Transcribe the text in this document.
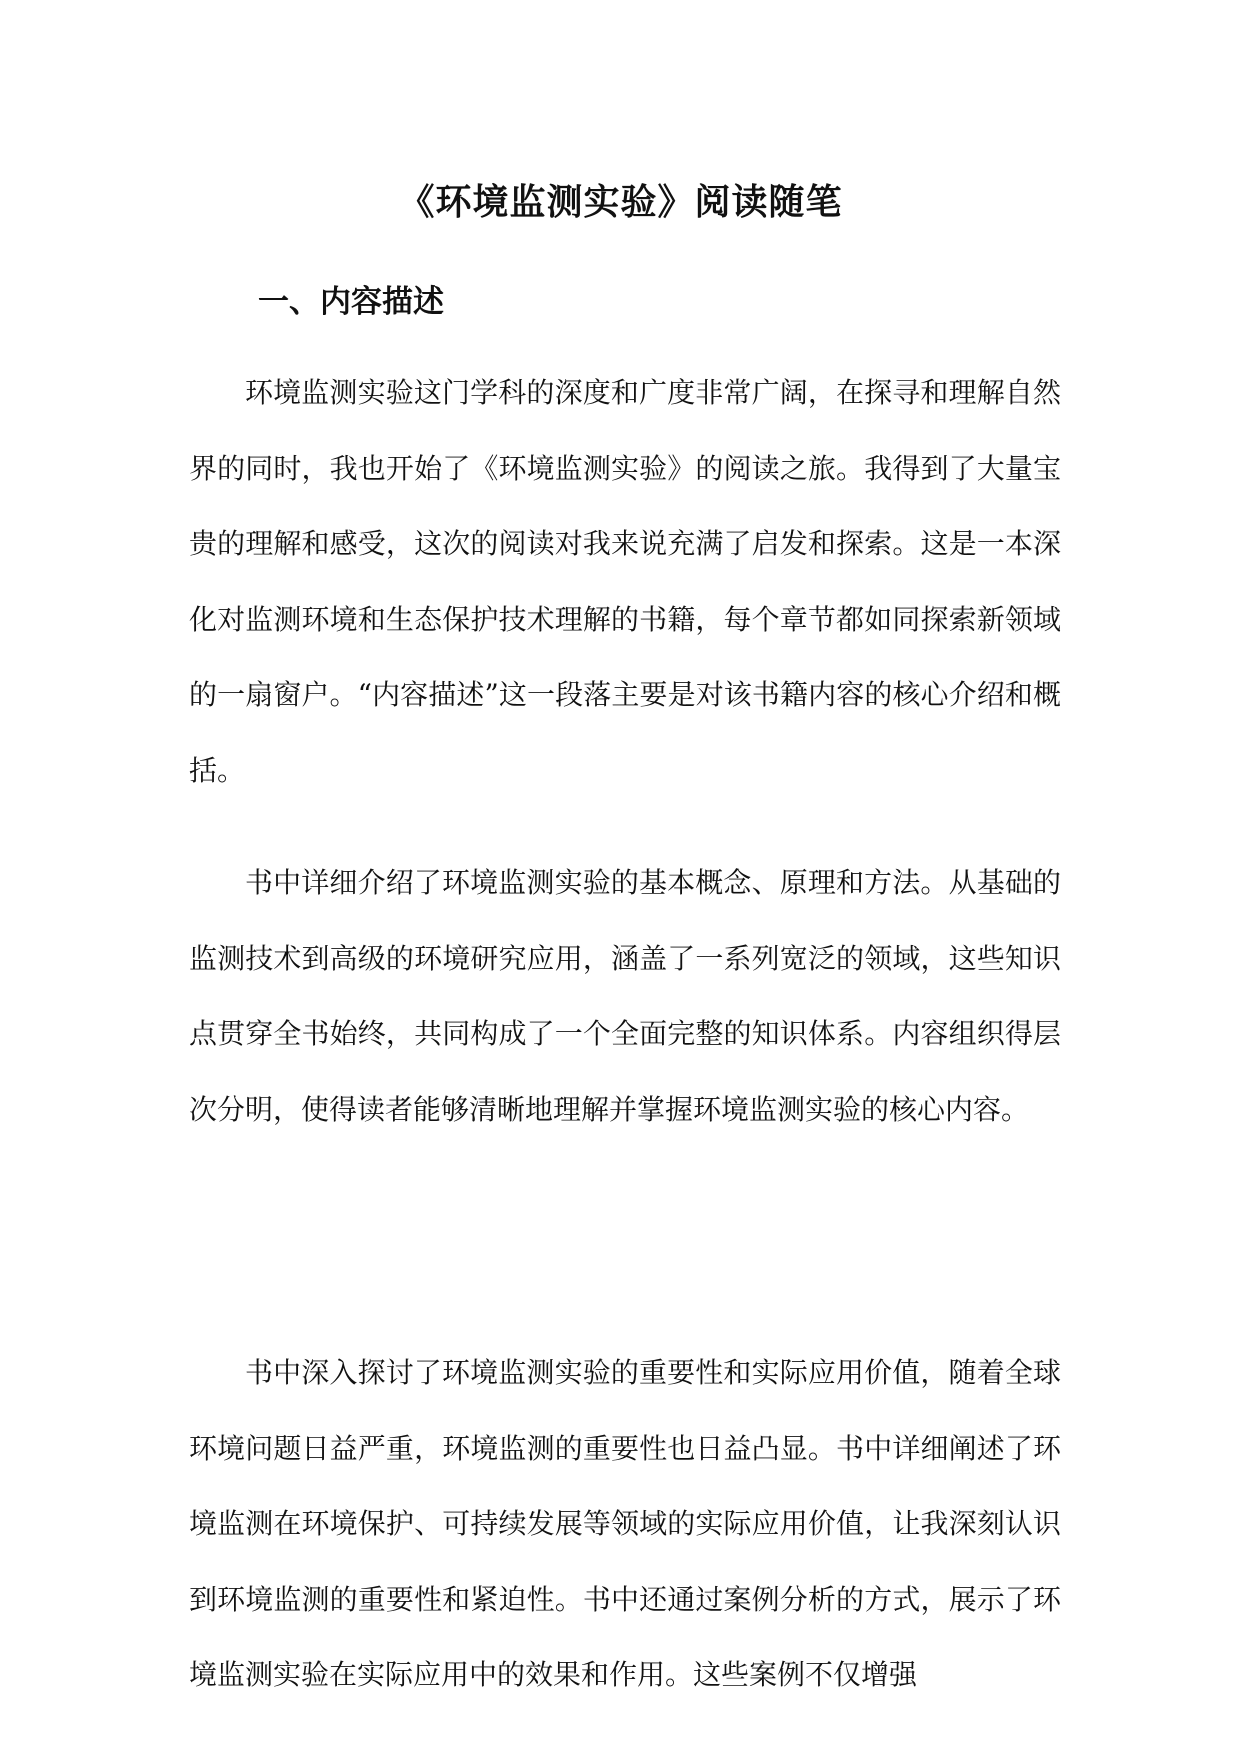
《环境监测实验》阅读随笔
一、内容描述

环境监测实验这门学科的深度和广度非常广阔，在探寻和理解自然界的同时，我也开始了《环境监测实验》的阅读之旅。我得到了大量宝贵的理解和感受，这次的阅读对我来说充满了启发和探索。这是一本深化对监测环境和生态保护技术理解的书籍，每个章节都如同探索新领域的一扇窗户。“内容描述”这一段落主要是对该书籍内容的核心介绍和概括。

书中详细介绍了环境监测实验的基本概念、原理和方法。从基础的监测技术到高级的环境研究应用，涵盖了一系列宽泛的领域，这些知识点贯穿全书始终，共同构成了一个全面完整的知识体系。内容组织得层次分明，使得读者能够清晰地理解并掌握环境监测实验的核心内容。

书中深入探讨了环境监测实验的重要性和实际应用价值，随着全球环境问题日益严重，环境监测的重要性也日益凸显。书中详细阐述了环境监测在环境保护、可持续发展等领域的实际应用价值，让我深刻认识到环境监测的重要性和紧迫性。书中还通过案例分析的方式，展示了环境监测实验在实际应用中的效果和作用。这些案例不仅增强
